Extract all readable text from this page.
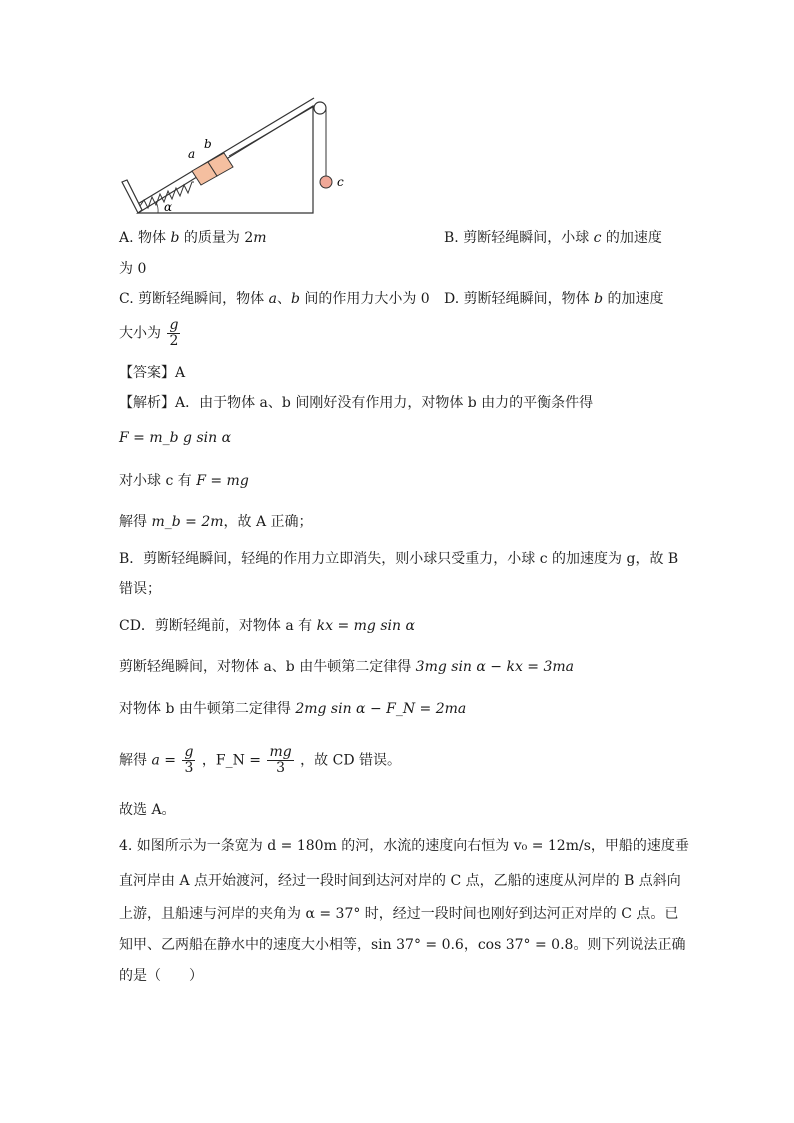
a
b
c
α
A. 物体 b 的质量为 2m	B. 剪断轻绳瞬间，小球 c 的加速度
为 0
C. 剪断轻绳瞬间，物体 a、b 间的作用力大小为 0 D. 剪断轻绳瞬间，物体 b 的加速度
大小为 $\frac{g}{2}$
【答案】A
【解析】A．由于物体 a、b 间刚好没有作用力，对物体 b 由力的平衡条件得
F = m_b g sin α
对小球 c 有 F = mg
解得 m_b = 2m，故 A 正确；
B．剪断轻绳瞬间，轻绳的作用力立即消失，则小球只受重力，小球 c 的加速度为 g，故 B
错误；
CD．剪断轻绳前，对物体 a 有 kx = mg sin α
剪断轻绳瞬间，对物体 a、b 由牛顿第二定律得 3mg sin α − kx = 3ma
对物体 b 由牛顿第二定律得 2mg sin α − F_N = 2ma
解得 $a = \frac{g}{3}$ ，F_N = $\frac{mg}{3}$ ，故 CD 错误。
故选 A。
4. 如图所示为一条宽为 d = 180m 的河，水流的速度向右恒为 v₀ = 12m/s，甲船的速度垂
直河岸由 A 点开始渡河，经过一段时间到达河对岸的 C 点，乙船的速度从河岸的 B 点斜向
上游，且船速与河岸的夹角为 α = 37° 时，经过一段时间也刚好到达河正对岸的 C 点。已
知甲、乙两船在静水中的速度大小相等，sin 37° = 0.6，cos 37° = 0.8。则下列说法正确
的是（　　）
